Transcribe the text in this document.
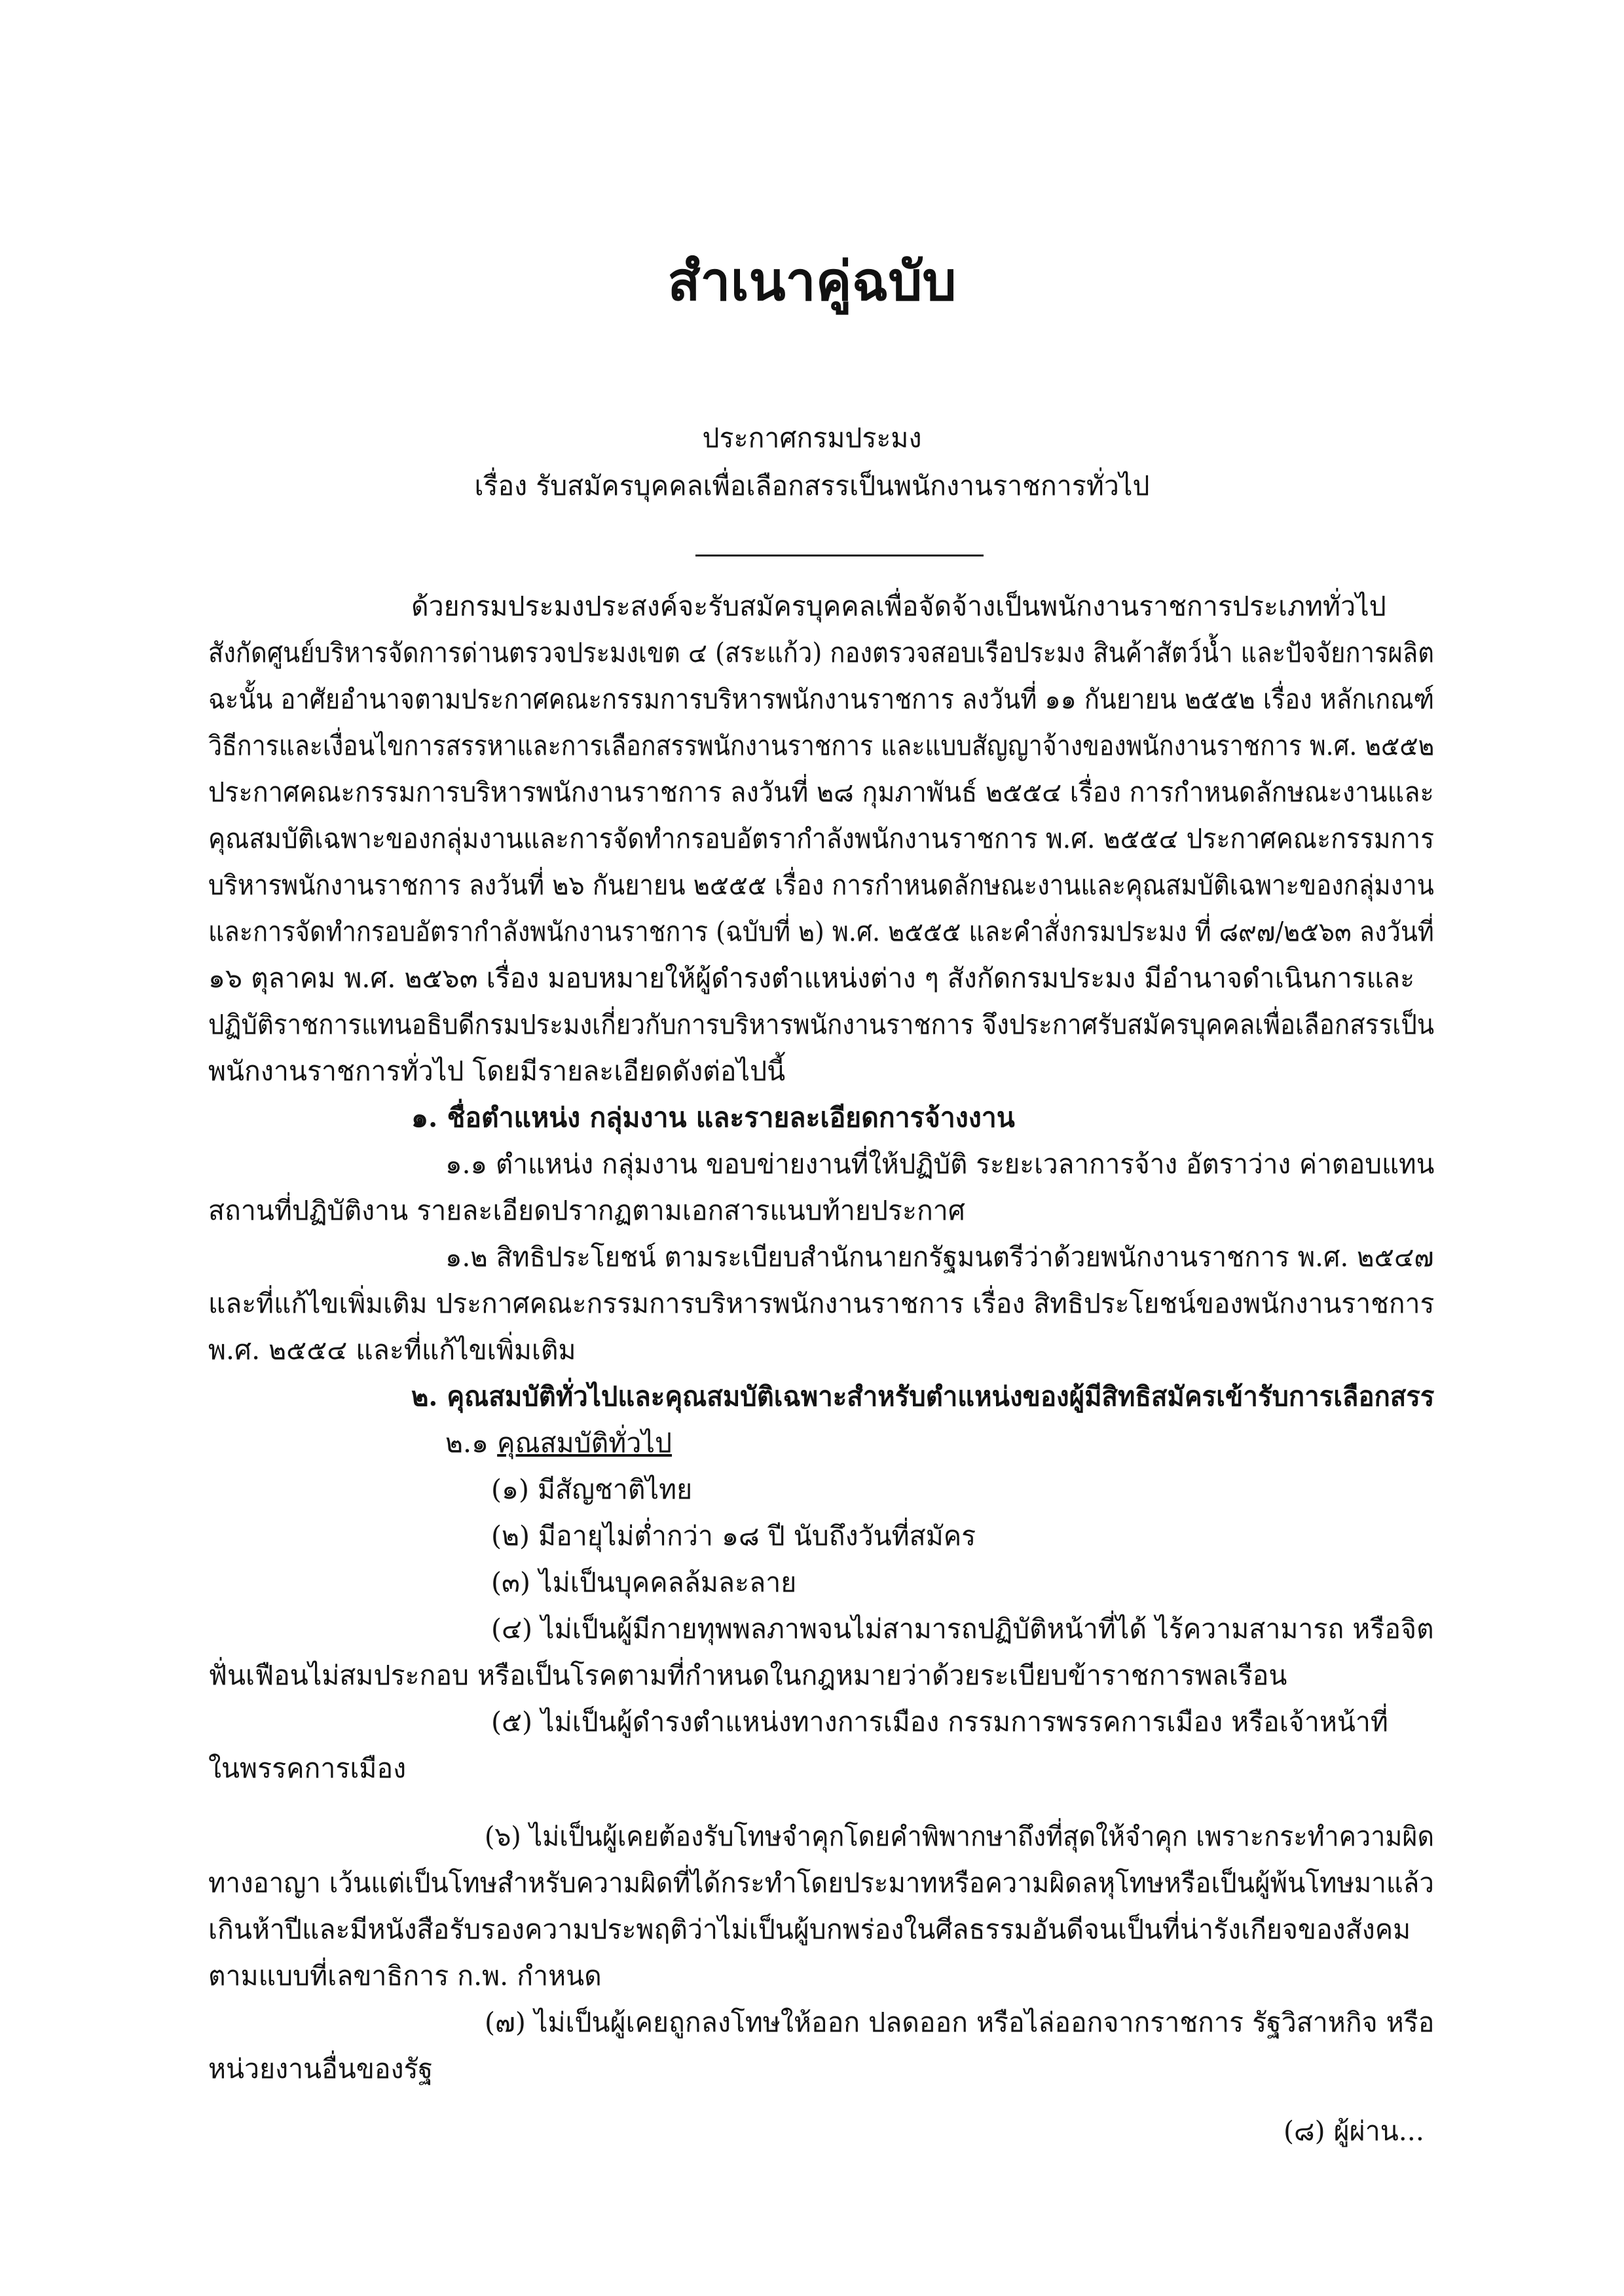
สำเนาคู่ฉบับ
ประกาศกรมประมง
เรื่อง รับสมัครบุคคลเพื่อเลือกสรรเป็นพนักงานราชการทั่วไป
ด้วยกรมประมงประสงค์จะรับสมัครบุคคลเพื่อจัดจ้างเป็นพนักงานราชการประเภททั่วไป
สังกัดศูนย์บริหารจัดการด่านตรวจประมงเขต ๔ (สระแก้ว) กองตรวจสอบเรือประมง สินค้าสัตว์น้ำ และปัจจัยการผลิต
ฉะนั้น อาศัยอำนาจตามประกาศคณะกรรมการบริหารพนักงานราชการ ลงวันที่ ๑๑ กันยายน ๒๕๕๒ เรื่อง หลักเกณฑ์
วิธีการและเงื่อนไขการสรรหาและการเลือกสรรพนักงานราชการ และแบบสัญญาจ้างของพนักงานราชการ พ.ศ. ๒๕๕๒
ประกาศคณะกรรมการบริหารพนักงานราชการ ลงวันที่ ๒๘ กุมภาพันธ์ ๒๕๕๔ เรื่อง การกำหนดลักษณะงานและ
คุณสมบัติเฉพาะของกลุ่มงานและการจัดทำกรอบอัตรากำลังพนักงานราชการ พ.ศ. ๒๕๕๔ ประกาศคณะกรรมการ
บริหารพนักงานราชการ ลงวันที่ ๒๖ กันยายน ๒๕๕๕ เรื่อง การกำหนดลักษณะงานและคุณสมบัติเฉพาะของกลุ่มงาน
และการจัดทำกรอบอัตรากำลังพนักงานราชการ (ฉบับที่ ๒) พ.ศ. ๒๕๕๕ และคำสั่งกรมประมง ที่ ๘๙๗/๒๕๖๓ ลงวันที่
๑๖ ตุลาคม พ.ศ. ๒๕๖๓ เรื่อง มอบหมายให้ผู้ดำรงตำแหน่งต่าง ๆ สังกัดกรมประมง มีอำนาจดำเนินการและ
ปฏิบัติราชการแทนอธิบดีกรมประมงเกี่ยวกับการบริหารพนักงานราชการ จึงประกาศรับสมัครบุคคลเพื่อเลือกสรรเป็น
พนักงานราชการทั่วไป โดยมีรายละเอียดดังต่อไปนี้
๑. ชื่อตำแหน่ง กลุ่มงาน และรายละเอียดการจ้างงาน
๑.๑ ตำแหน่ง กลุ่มงาน ขอบข่ายงานที่ให้ปฏิบัติ ระยะเวลาการจ้าง อัตราว่าง ค่าตอบแทน
สถานที่ปฏิบัติงาน รายละเอียดปรากฏตามเอกสารแนบท้ายประกาศ
๑.๒ สิทธิประโยชน์ ตามระเบียบสำนักนายกรัฐมนตรีว่าด้วยพนักงานราชการ พ.ศ. ๒๕๔๗
และที่แก้ไขเพิ่มเติม ประกาศคณะกรรมการบริหารพนักงานราชการ เรื่อง สิทธิประโยชน์ของพนักงานราชการ
พ.ศ. ๒๕๕๔ และที่แก้ไขเพิ่มเติม
๒. คุณสมบัติทั่วไปและคุณสมบัติเฉพาะสำหรับตำแหน่งของผู้มีสิทธิสมัครเข้ารับการเลือกสรร
๒.๑ คุณสมบัติทั่วไป
(๑) มีสัญชาติไทย
(๒) มีอายุไม่ต่ำกว่า ๑๘ ปี นับถึงวันที่สมัคร
(๓) ไม่เป็นบุคคลล้มละลาย
(๔) ไม่เป็นผู้มีกายทุพพลภาพจนไม่สามารถปฏิบัติหน้าที่ได้ ไร้ความสามารถ หรือจิต
ฟั่นเฟือนไม่สมประกอบ หรือเป็นโรคตามที่กำหนดในกฎหมายว่าด้วยระเบียบข้าราชการพลเรือน
(๕) ไม่เป็นผู้ดำรงตำแหน่งทางการเมือง กรรมการพรรคการเมือง หรือเจ้าหน้าที่
ในพรรคการเมือง
(๖) ไม่เป็นผู้เคยต้องรับโทษจำคุกโดยคำพิพากษาถึงที่สุดให้จำคุก เพราะกระทำความผิด
ทางอาญา เว้นแต่เป็นโทษสำหรับความผิดที่ได้กระทำโดยประมาทหรือความผิดลหุโทษหรือเป็นผู้พ้นโทษมาแล้ว
เกินห้าปีและมีหนังสือรับรองความประพฤติว่าไม่เป็นผู้บกพร่องในศีลธรรมอันดีจนเป็นที่น่ารังเกียจของสังคม
ตามแบบที่เลขาธิการ ก.พ. กำหนด
(๗) ไม่เป็นผู้เคยถูกลงโทษให้ออก ปลดออก หรือไล่ออกจากราชการ รัฐวิสาหกิจ หรือ
หน่วยงานอื่นของรัฐ
(๘) ผู้ผ่าน...
